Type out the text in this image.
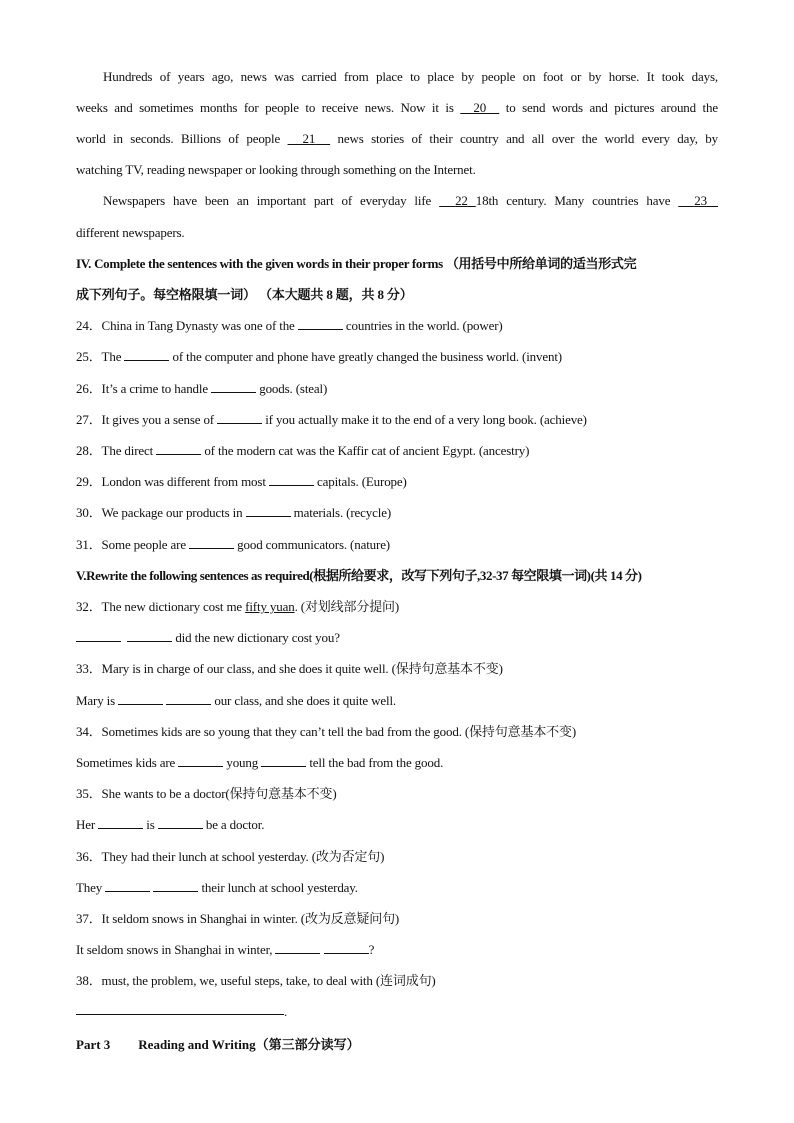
Hundreds of years ago, news was carried from place to place by people on foot or by horse. It took days,
weeks and sometimes months for people to receive news. Now it is 20 to send words and pictures around the
world in seconds. Billions of people 21 news stories of their country and all over the world every day, by
watching TV, reading newspaper or looking through something on the Internet.
Newspapers have been an important part of everyday life 22 18th century. Many countries have 23
different newspapers.
IV. Complete the sentences with the given words in their proper forms （用括号中所给单词的适当形式完
成下列句子。每空格限填一词） （本大题共 8 题，共 8 分）
24．China in Tang Dynasty was one of the	countries in the world. (power)
25．The	of the computer and phone have greatly changed the business world. (invent)
26．It’s a crime to handle	goods. (steal)
27．It gives you a sense of	if you actually make it to the end of a very long book. (achieve)
28．The direct	of the modern cat was the Kaffir cat of ancient Egypt. (ancestry)
29．London was different from most	capitals. (Europe)
30．We package our products in	materials. (recycle)
31．Some people are	good communicators. (nature)
V.Rewrite the following sentences as required(根据所给要求，改写下列句子,32-37 每空限填一词)(共 14 分)
32．The new dictionary cost me fifty yuan. (对划线部分提问)
did the new dictionary cost you?
33．Mary is in charge of our class, and she does it quite well. (保持句意基本不变)
Mary is	our class, and she does it quite well.
34．Sometimes kids are so young that they can’t tell the bad from the good. (保持句意基本不变)
Sometimes kids are	young	tell the bad from the good.
35．She wants to be a doctor(保持句意基本不变)
Her	is	be a doctor.
36．They had their lunch at school yesterday. (改为否定句)
They	their lunch at school yesterday.
37．It seldom snows in Shanghai in winter. (改为反意疑问句)
It seldom snows in Shanghai in winter,	?
38．must, the problem, we, useful steps, take, to deal with (连词成句)
.
Part 3 Reading and Writing（第三部分读写）
